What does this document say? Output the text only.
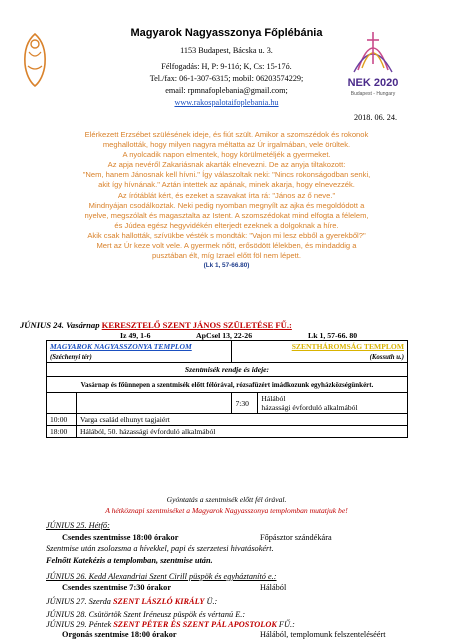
Magyarok Nagyasszonya Főplébánia
1153 Budapest, Bácska u. 3.
Félfogadás: H, P: 9-11ó; K, Cs: 15-17ó.
Tel./fax: 06-1-307-6315; mobil: 06203574229;
email: rpmnafoplebania@gmail.com;
www.rakospalotaifoplebania.hu
NEK 2020
Budapest - Hungary
2018. 06. 24.
Elérkezett Erzsébet szülésének ideje, és fiút szült. Amikor a szomszédok és rokonok
meghallották, hogy milyen nagyra méltatta az Úr irgalmában, vele örültek.
A nyolcadik napon elmentek, hogy körülmetéljék a gyermeket.
Az apja nevéről Zakariásnak akarták elnevezni. De az anyja tiltakozott:
"Nem, hanem Jánosnak kell hívni." Így válaszoltak neki: "Nincs rokonságodban senki,
akit így hívnának." Aztán intettek az apának, minek akarja, hogy elnevezzék.
Az írótáblát kért, és ezeket a szavakat írta rá: "János az ő neve."
Mindnyájan csodálkoztak. Neki pedig nyomban megnyílt az ajka és megoldódott a
nyelve, megszólalt és magasztalta az Istent. A szomszédokat mind elfogta a félelem,
és Júdea egész hegyvidékén elterjedt ezeknek a dolgoknak a híre.
Akik csak hallották, szívükbe vésték s mondták: "Vajon mi lesz ebből a gyerekből?"
Mert az Úr keze volt vele. A gyermek nőtt, erősödött lélekben, és mindaddig a
pusztában élt, míg Izrael előtt föl nem lépett.
(Lk 1, 57-66.80)
JÚNIUS 24. Vasárnap KERESZTELŐ SZENT JÁNOS SZÜLETÉSE FŰ.:
Iz 49, 1-6	ApCsel 13, 22-26	Lk 1, 57-66. 80
MAGYAROK NAGYASSZONYA TEMPLOM		SZENTHÁROMSÁG TEMPLOM	
(Széchenyi tér)		(Kossuth u.)	
Szentmisék rendje és ideje:			
Vasárnap és főünnepen a szentmisék előtt félórával, rózsafüzért imádkozunk egyházközségünkért.			
		7:30	Hálából
házassági évforduló alkalmából
10:00	Varga család elhunyt tagjaiért		
18:00	Hálából, 50. házassági évforduló alkalmából		
Gyóntatás a szentmisék előtt fél órával.
A hétköznapi szentmiséket a Magyarok Nagyasszonya templomban mutatjuk be!
JÚNIUS 25. Hétfő:
Csendes szentmisse 18:00 órakor	Főpásztor szándékára
Szentmise után zsolozsma a hívekkel, papi és szerzetesi hivatásokért.
Felnőtt Katekézis a templomban, szentmise után.
JÚNIUS 26. Kedd Alexandriai Szent Cirill püspök és egyháztanító e.:
Csendes szentmise 7:30 órakor	Hálából
JÚNIUS 27. Szerda SZENT LÁSZLÓ KIRÁLY Ü.:
JÚNIUS 28. Csütörtök Szent Iréneusz püspök és vértanú E.:
JÚNIUS 29. Péntek SZENT PÉTER ÉS SZENT PÁL APOSTOLOK FŰ.:
Orgonás szentmise 18:00 órakor	Hálából, templomunk felszenteléséért
